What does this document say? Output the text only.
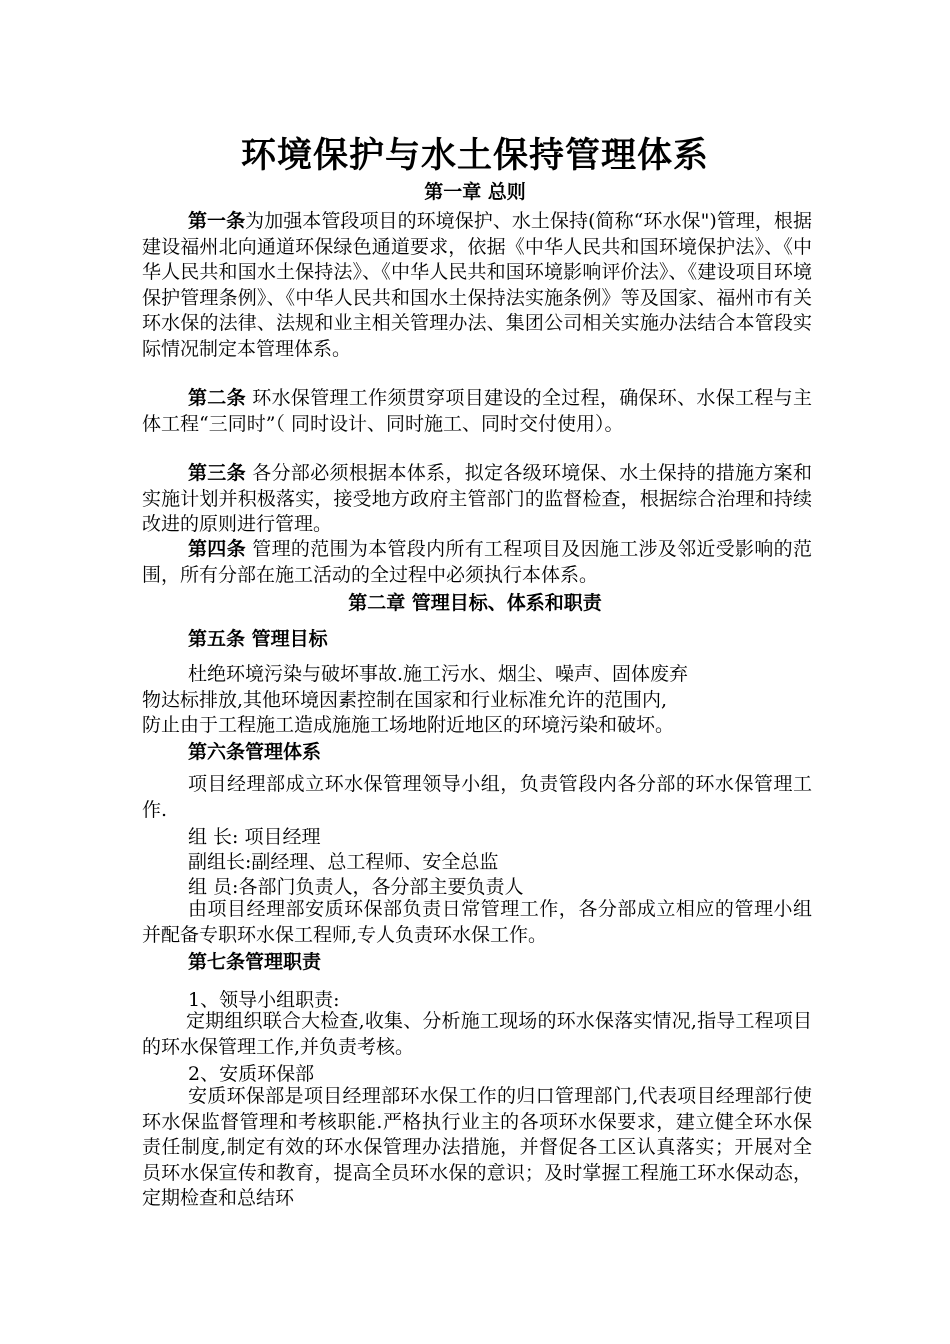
环境保护与水土保持管理体系
第一章 总则
第一条为加强本管段项目的环境保护、水土保持(简称“环水保")管理，根据建设福州北向通道环保绿色通道要求，依据《中华人民共和国环境保护法》、《中华人民共和国水土保持法》、《中华人民共和国环境影响评价法》、《建设项目环境保护管理条例》、《中华人民共和国水土保持法实施条例》等及国家、福州市有关环水保的法律、法规和业主相关管理办法、集团公司相关实施办法结合本管段实际情况制定本管理体系。
第二条 环水保管理工作须贯穿项目建设的全过程，确保环、水保工程与主体工程“三同时”（ 同时设计、同时施工、同时交付使用）。
第三条 各分部必须根据本体系，拟定各级环境保、水土保持的措施方案和实施计划并积极落实，接受地方政府主管部门的监督检查，根据综合治理和持续改进的原则进行管理。
第四条 管理的范围为本管段内所有工程项目及因施工涉及邻近受影响的范围，所有分部在施工活动的全过程中必须执行本体系。
第二章 管理目标、体系和职责
第五条 管理目标
杜绝环境污染与破坏事故.施工污水、烟尘、噪声、固体废弃
物达标排放,其他环境因素控制在国家和行业标准允许的范围内,
防止由于工程施工造成施施工场地附近地区的环境污染和破坏。
第六条管理体系
项目经理部成立环水保管理领导小组，负责管段内各分部的环水保管理工作.
组 长: 项目经理
副组长:副经理、总工程师、安全总监
组 员:各部门负责人，各分部主要负责人
由项目经理部安质环保部负责日常管理工作，各分部成立相应的管理小组并配备专职环水保工程师,专人负责环水保工作。
第七条管理职责
1、领导小组职责:
定期组织联合大检查,收集、分析施工现场的环水保落实情况,指导工程项目的环水保管理工作,并负责考核。
2、安质环保部
安质环保部是项目经理部环水保工作的归口管理部门,代表项目经理部行使环水保监督管理和考核职能.严格执行业主的各项环水保要求，建立健全环水保责任制度,制定有效的环水保管理办法措施，并督促各工区认真落实；开展对全员环水保宣传和教育，提高全员环水保的意识；及时掌握工程施工环水保动态，定期检查和总结环
